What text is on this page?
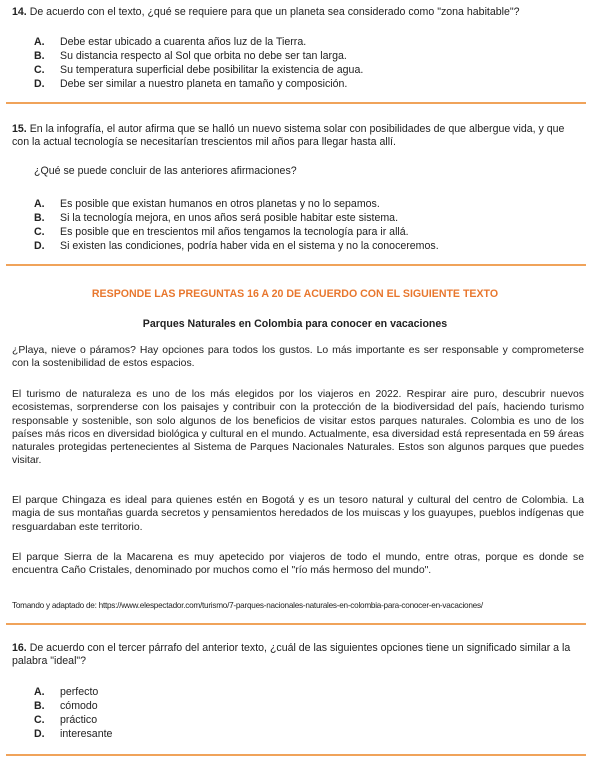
14. De acuerdo con el texto, ¿qué se requiere para que un planeta sea considerado como "zona habitable"?
A. Debe estar ubicado a cuarenta años luz de la Tierra.
B. Su distancia respecto al Sol que orbita no debe ser tan larga.
C. Su temperatura superficial debe posibilitar la existencia de agua.
D. Debe ser similar a nuestro planeta en tamaño y composición.
15. En la infografía, el autor afirma que se halló un nuevo sistema solar con posibilidades de que albergue vida, y que con la actual tecnología se necesitarían trescientos mil años para llegar hasta allí.
¿Qué se puede concluir de las anteriores afirmaciones?
A. Es posible que existan humanos en otros planetas y no lo sepamos.
B. Si la tecnología mejora, en unos años será posible habitar este sistema.
C. Es posible que en trescientos mil años tengamos la tecnología para ir allá.
D. Si existen las condiciones, podría haber vida en el sistema y no la conoceremos.
RESPONDE LAS PREGUNTAS 16 A 20 DE ACUERDO CON EL SIGUIENTE TEXTO
Parques Naturales en Colombia para conocer en vacaciones
¿Playa, nieve o páramos? Hay opciones para todos los gustos. Lo más importante es ser responsable y comprometerse con la sostenibilidad de estos espacios.
El turismo de naturaleza es uno de los más elegidos por los viajeros en 2022. Respirar aire puro, descubrir nuevos ecosistemas, sorprenderse con los paisajes y contribuir con la protección de la biodiversidad del país, haciendo turismo responsable y sostenible, son solo algunos de los beneficios de visitar estos parques naturales. Colombia es uno de los países más ricos en diversidad biológica y cultural en el mundo. Actualmente, esa diversidad está representada en 59 áreas naturales protegidas pertenecientes al Sistema de Parques Nacionales Naturales. Estos son algunos parques que puedes visitar.
El parque Chingaza es ideal para quienes estén en Bogotá y es un tesoro natural y cultural del centro de Colombia. La magia de sus montañas guarda secretos y pensamientos heredados de los muiscas y los guayupes, pueblos indígenas que resguardaban este territorio.
El parque Sierra de la Macarena es muy apetecido por viajeros de todo el mundo, entre otras, porque es donde se encuentra Caño Cristales, denominado por muchos como el "río más hermoso del mundo".
Tomando y adaptado de: https://www.elespectador.com/turismo/7-parques-nacionales-naturales-en-colombia-para-conocer-en-vacaciones/
16. De acuerdo con el tercer párrafo del anterior texto, ¿cuál de las siguientes opciones tiene un significado similar a la palabra "ideal"?
A. perfecto
B. cómodo
C. práctico
D. interesante
